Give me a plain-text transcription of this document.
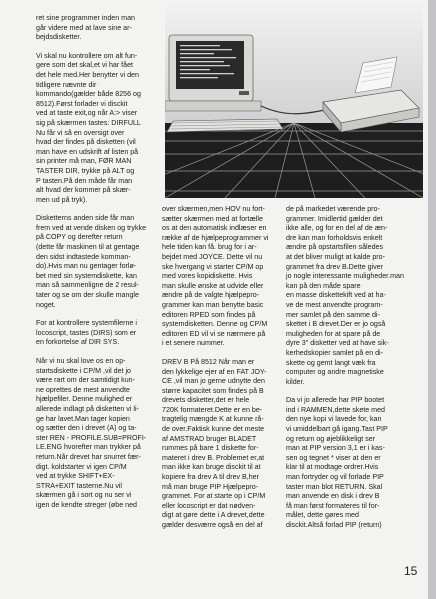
ret sine programmer inden man
går videre med at lave sine ar-
bejdsdisketter.

Vi skal nu kontrollere om alt fun-
gere som det skal,et vi har fået
det hele med.Her benytter vi den
tidligere nævnte dir kommando(gælder både 8256 og
8512).Først forlader vi disckit
ved at taste exit,og når A:> viser
sig på skærmen tastes: DIRFULL
Nu får vi så en oversigt over
hvad der findes på disketten (vil
man have en udskrift af listen på
sin printer må man, FØR MAN
TASTER DIR, trykke på ALT og
P tasten.På den måde får man
alt hvad der kommer på skær-
men ud på tryk).

Disketterns anden side får man
frem ved at vende disken og trykke på COPY og derefter return
(dette får maskinen til at gentage
den sidst indtastede komman-
do).Hvis man nu gentager forlø-
bet med sin systemdiskette, kan
man så sammenligne de 2 resul-
tater og se om der skulle mangle
noget.

For at kontrollere systemfilerne i
locoscript, tastes (DIRS) som er
en forkortelse af DIR SYS.

Når vi nu skal love os en op-
startsdiskette i CP/M ,vil det jo
være rart om der samtidigt kun-
ne oprettes de mest anvendte
hjælpefiler. Denne mulighed er
allerede indlagt på disketten vi li-
ge har lavet.Man tager kopien
og sætter den i drevet (A) og ta-
ster REN - PROFILE.SUB=PROFI-
LE.ENG hvorefter man trykker på
return.Når drevet har snurret fær-
digt. koldstarter vi igen CP/M
ved at trykke SHIFT+EX-
STRA+EXIT tasterne.Nu vil
skærmen gå i sort og nu ser vi
igen de kendte streger (øbe ned

over skærmen,men HOV nu fort-
sætter skærmen med at fortælle
os at den automatisk indlæser en
række af de hjælpeprogrammer vi
hele tiden kan få. brug for i ar-
bejdet med JOYCE. Dette vil nu
ske hvergang vi starter CP/M op
med vores kopidiskette. Hvis
man skulle ønske at udvide eller
ændre på de valgte hjælpepro-
grammer kan man benytte basic
editoren RPED som findes på
systemdisketten. Denne og CP/M
editoren ED vil vi se nærmere på
i et senere nummer.

DREV B På 8512 Når man er
den lykkelige ejer af en FAT JOY-
CE ,vil man jo gerne udnytte den
større kapacitet som findes på B
drevets disketter,det er hele
720K formateret.Dette er en be-
tragtelig mængde K at kunne rå-
de over.Faktisk kunne det meste
af AMSTRAD bruger BLADET
rummes på bare 1 diskette for-
materet i drev B. Problemet er,at
man ikke kan bruge disckit til at
kopiere fra drev A til drev B,her
må man bruge PIP Hjælpepro-
grammet. For at starte op i CP/M
eller locoscript er dat nødven-
digt at gøre dette i A drevet,dette
gælder desværre også en del af

de på markedet værende pro-
grammer. Imidlertid gælder det
ikke alle, og for en del af de æn-
dre kan man forholdsvis enkelt
ændre på opstartsfilen således
at det bliver muligt at kalde pro-
grammet fra drev B.Dette giver
jo nogle interessante muligheder.man kan på den måde spare
en masse diskettekift ved at ha-
ve de mest anvendte program-
mer samlet på den samme di-
skettet i B drevet.Der er jo også
muligheden for at spare på de
dyre 3" disketter ved at have sik-
kerhedskopier samlet på en di-
skette og gemt langt væk fra
computer og andre magnetiske
kilder.

Da vi jo allerede har PIP bootet
ind i RAMMEN,dette skete med
den nye kopi vi lavede for, kan
vi umiddelbart gå igang.Tast PIP
og return og øjeblikkeligt ser
man at PIP version 3,1 er i kas-
sen og tegnet * viser at den er
klar til at modtage ordrer.Hvis
man fortryder og vil forlade PIP
taster man blot RETURN. Skal
man anvende en disk i drev B
få man først formateres til for-
målet, dette gøres med
disckit.Altså forlad PIP (return)

15
